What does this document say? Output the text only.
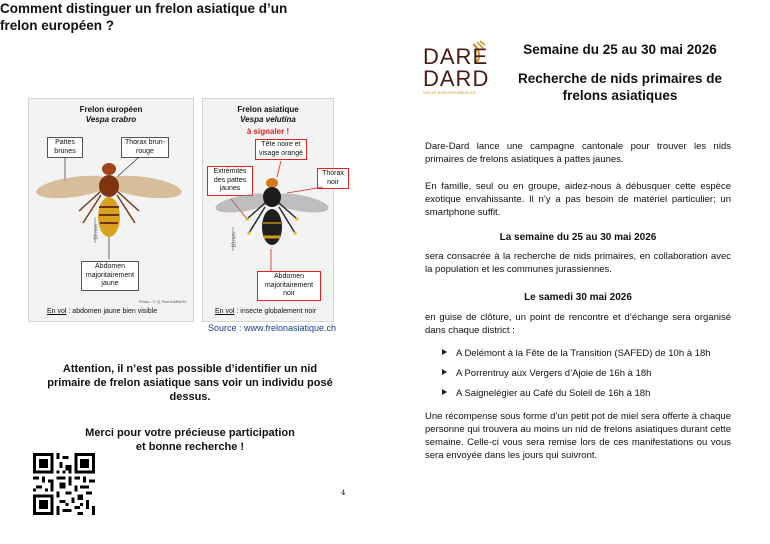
Comment distinguer un frelon asiatique d’un frelon européen ?
Frelon européen
Vespa crabro
Pattes brunes
Thorax brun-rouge
10 mm
Abdomen majoritairement jaune
Photo : © Q. Rome/MNHN
En vol : abdomen jaune bien visible
Frelon asiatique
Vespa velutina
à signaler !
Tête noire et visage orangé
Extrémités des pattes jaunes
Thorax noir
10 mm
Abdomen majoritairement noir
En vol : insecte globalement noir
Source : www.frelonasiatique.ch
Attention, il n’est pas possible d’identifier un nid primaire de frelon asiatique sans voir un individu posé dessus.
Merci pour votre précieuse participation
et bonne recherche !
4
DARE
DARD
VEILLE SUR NOS ABEILLES
Semaine du 25 au 30 mai 2026
Recherche de nids primaires de frelons asiatiques
Dare-Dard lance une campagne cantonale pour trouver les nids primaires de frelons asiatiques à pattes jaunes.
En famille, seul ou en groupe, aidez-nous à débusquer cette espèce exotique envahissante. Il n’y a pas besoin de matériel particulier; un smartphone suffit.
La semaine du 25 au 30 mai 2026
sera consacrée à la recherche de nids primaires, en collaboration avec la population et les communes jurassiennes.
Le samedi 30 mai 2026
en guise de clôture, un point de rencontre et d’échange sera organisé dans chaque district :
A Delémont à la Fête de la Transition (SAFED) de 10h à 18h
A Porrentruy aux Vergers d’Ajoie de 16h à 18h
A Saignelégier au Café du Soleil de 16h à 18h
Une récompense sous forme d’un petit pot de miel sera offerte à chaque personne qui trouvera au moins un nid de frelons asiatiques durant cette semaine. Celle-ci vous sera remise lors de ces manifestations ou vous sera envoyée dans les jours qui suivront.
